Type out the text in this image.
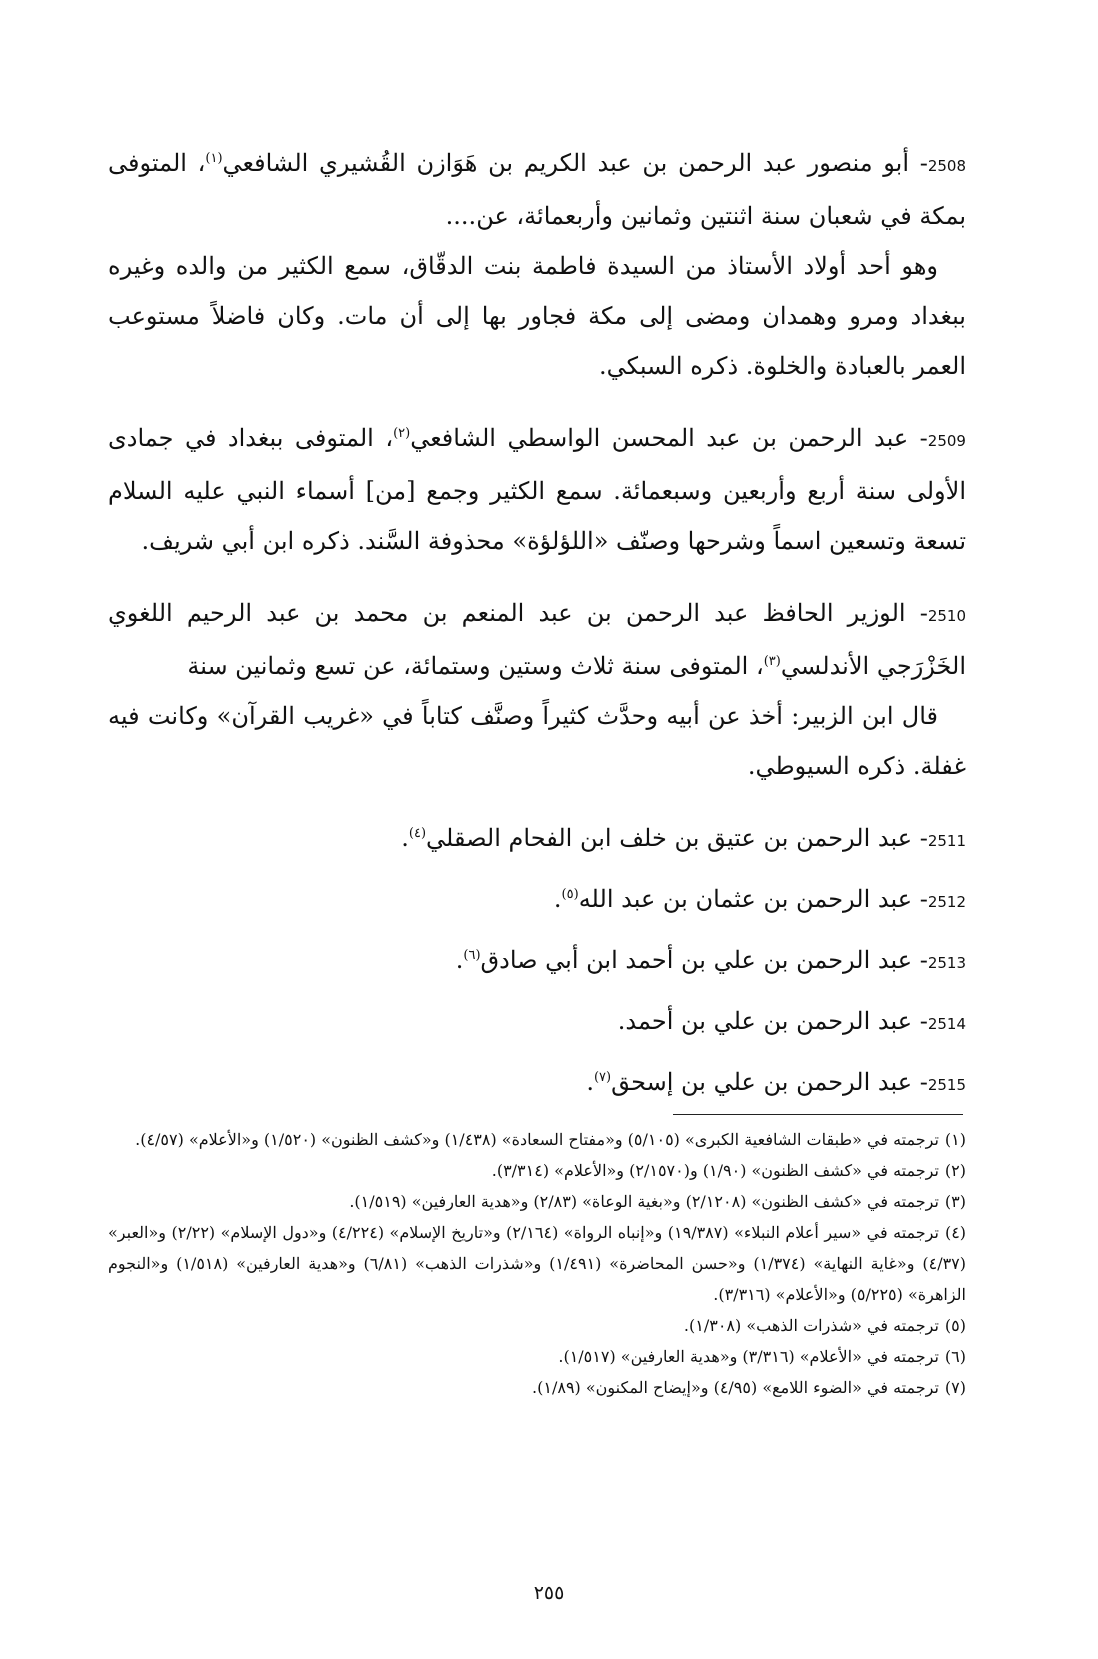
2508- أبو منصور عبد الرحمن بن عبد الكريم بن هَوَازن القُشيري الشافعي$^{(١)}$، المتوفى بمكة في شعبان سنة اثنتين وثمانين وأربعمائة، عن....

وهو أحد أولاد الأستاذ من السيدة فاطمة بنت الدقّاق، سمع الكثير من والده وغيره ببغداد ومرو وهمدان ومضى إلى مكة فجاور بها إلى أن مات. وكان فاضلاً مستوعب العمر بالعبادة والخلوة. ذكره السبكي.

2509- عبد الرحمن بن عبد المحسن الواسطي الشافعي$^{(٢)}$، المتوفى ببغداد في جمادى الأولى سنة أربع وأربعين وسبعمائة. سمع الكثير وجمع [من] أسماء النبي عليه السلام تسعة وتسعين اسماً وشرحها وصنّف «اللؤلؤة» محذوفة السَّند. ذكره ابن أبي شريف.

2510- الوزير الحافظ عبد الرحمن بن عبد المنعم بن محمد بن عبد الرحيم اللغوي الخَزْرَجي الأندلسي$^{(٣)}$، المتوفى سنة ثلاث وستين وستمائة، عن تسع وثمانين سنة

قال ابن الزبير: أخذ عن أبيه وحدَّث كثيراً وصنَّف كتاباً في «غريب القرآن» وكانت فيه غفلة. ذكره السيوطي.

2511- عبد الرحمن بن عتيق بن خلف ابن الفحام الصقلي$^{(٤)}$.

2512- عبد الرحمن بن عثمان بن عبد الله$^{(٥)}$.

2513- عبد الرحمن بن علي بن أحمد ابن أبي صادق$^{(٦)}$.

2514- عبد الرحمن بن علي بن أحمد.

2515- عبد الرحمن بن علي بن إسحق$^{(٧)}$.

(١)ترجمته في «طبقات الشافعية الكبرى» (٥/١٠٥) و«مفتاح السعادة» (١/٤٣٨) و«كشف الظنون» (١/٥٢٠) و«الأعلام» (٤/٥٧).

(٢)ترجمته في «كشف الظنون» (١/٩٠) و(٢/١٥٧٠) و«الأعلام» (٣/٣١٤).

(٣)ترجمته في «كشف الظنون» (٢/١٢٠٨) و«بغية الوعاة» (٢/٨٣) و«هدية العارفين» (١/٥١٩).

(٤)ترجمته في «سير أعلام النبلاء» (١٩/٣٨٧) و«إنباه الرواة» (٢/١٦٤) و«تاريخ الإسلام» (٤/٢٢٤) و«دول الإسلام» (٢/٢٢) و«العبر» (٤/٣٧) و«غاية النهاية» (١/٣٧٤) و«حسن المحاضرة» (١/٤٩١) و«شذرات الذهب» (٦/٨١) و«هدية العارفين» (١/٥١٨) و«النجوم الزاهرة» (٥/٢٢٥) و«الأعلام» (٣/٣١٦).

(٥)ترجمته في «شذرات الذهب» (١/٣٠٨).

(٦)ترجمته في «الأعلام» (٣/٣١٦) و«هدية العارفين» (١/٥١٧).

(٧)ترجمته في «الضوء اللامع» (٤/٩٥) و«إيضاح المكنون» (١/٨٩).

٢٥٥
